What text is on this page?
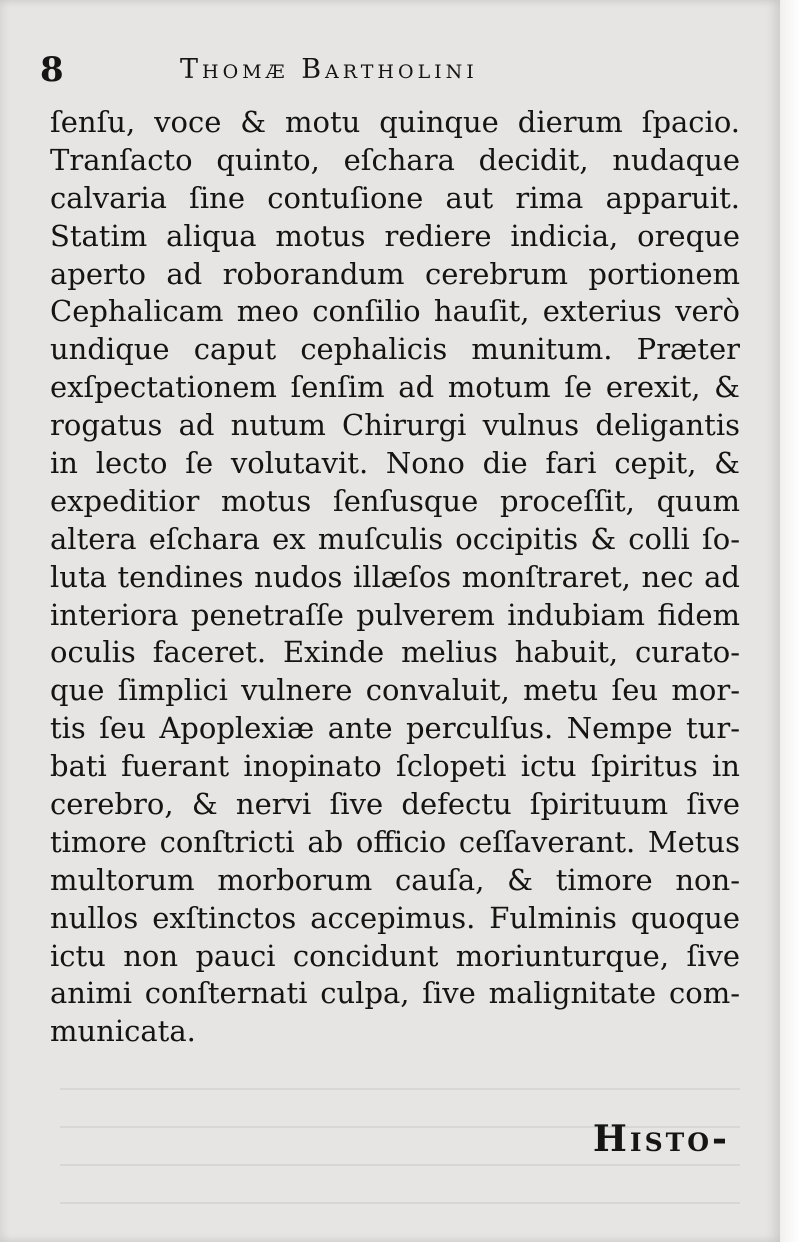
8	Thomæ Bartholini
ſenſu, voce & motu quinque dierum ſpacio.
Tranſacto quinto, eſchara decidit, nudaque
calvaria ſine contuſione aut rima apparuit.
Statim aliqua motus rediere indicia, oreque
aperto ad roborandum cerebrum portionem
Cephalicam meo conſilio hauſit, exterius verò
undique caput cephalicis munitum. Præter
exſpectationem ſenſim ad motum ſe erexit, &
rogatus ad nutum Chirurgi vulnus deligantis
in lecto ſe volutavit. Nono die fari cepit, &
expeditior motus ſenſusque proceſſit, quum
altera eſchara ex muſculis occipitis & colli ſo-
luta tendines nudos illæſos monſtraret, nec ad
interiora penetraſſe pulverem indubiam fidem
oculis faceret. Exinde melius habuit, curato-
que ſimplici vulnere convaluit, metu ſeu mor-
tis ſeu Apoplexiæ ante perculſus. Nempe tur-
bati fuerant inopinato ſclopeti ictu ſpiritus in
cerebro, & nervi ſive defectu ſpirituum ſive
timore conſtricti ab officio ceſſaverant. Metus
multorum morborum cauſa, & timore non-
nullos exſtinctos accepimus. Fulminis quoque
ictu non pauci concidunt moriunturque, ſive
animi conſternati culpa, ſive malignitate com-
municata.
Histo-
